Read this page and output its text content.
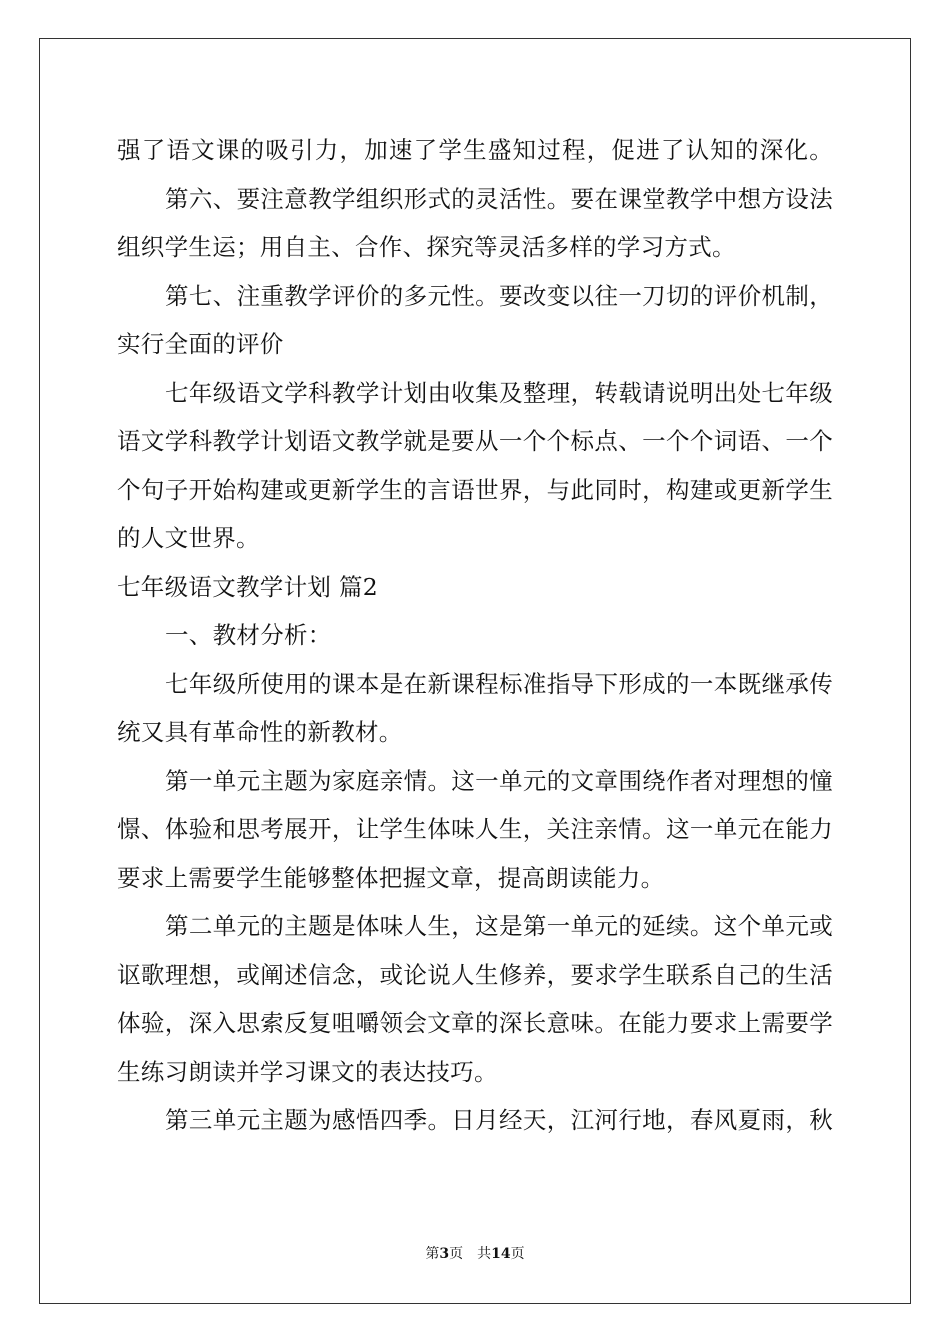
强了语文课的吸引力，加速了学生盛知过程，促进了认知的深化。
第六、要注意教学组织形式的灵活性。要在课堂教学中想方设法
组织学生运；用自主、合作、探究等灵活多样的学习方式。
第七、注重教学评价的多元性。要改变以往一刀切的评价机制，
实行全面的评价
七年级语文学科教学计划由收集及整理，转载请说明出处七年级
语文学科教学计划语文教学就是要从一个个标点、一个个词语、一个
个句子开始构建或更新学生的言语世界，与此同时，构建或更新学生
的人文世界。
七年级语文教学计划 篇2
一、教材分析：
七年级所使用的课本是在新课程标准指导下形成的一本既继承传
统又具有革命性的新教材。
第一单元主题为家庭亲情。这一单元的文章围绕作者对理想的憧
憬、体验和思考展开，让学生体味人生，关注亲情。这一单元在能力
要求上需要学生能够整体把握文章，提高朗读能力。
第二单元的主题是体味人生，这是第一单元的延续。这个单元或
讴歌理想，或阐述信念，或论说人生修养，要求学生联系自己的生活
体验，深入思索反复咀嚼领会文章的深长意味。在能力要求上需要学
生练习朗读并学习课文的表达技巧。
第三单元主题为感悟四季。日月经天，江河行地，春风夏雨，秋
第3页 共14页
